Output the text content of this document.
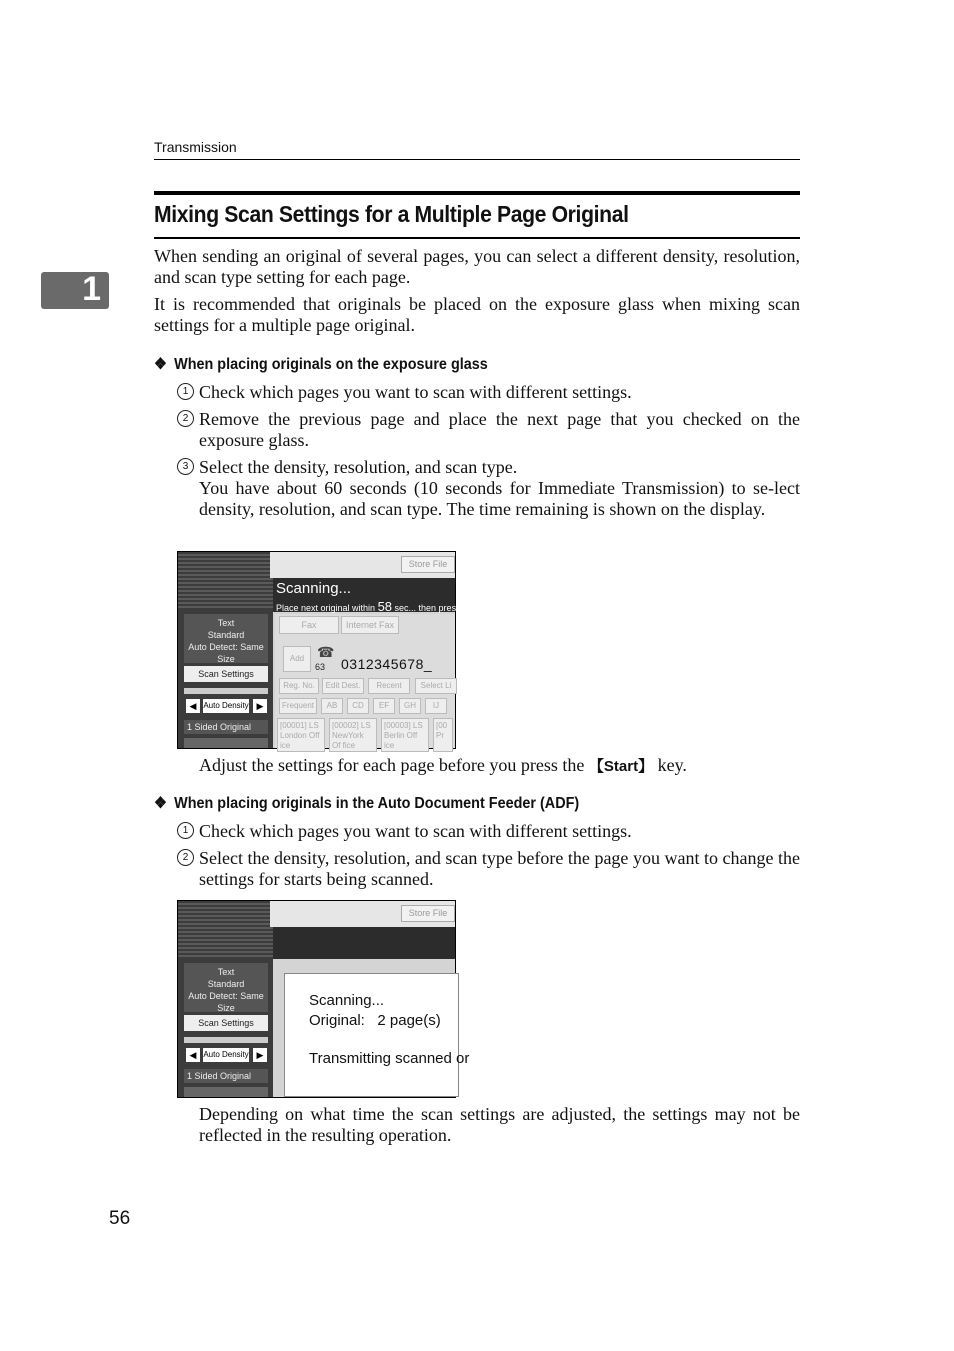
Transmission
Mixing Scan Settings for a Multiple Page Original
1
When sending an original of several pages, you can select a different density, resolution, and scan type setting for each page.
It is recommended that originals be placed on the exposure glass when mixing scan settings for a multiple page original.
❖ When placing originals on the exposure glass
1 Check which pages you want to scan with different settings.
2 Remove the previous page and place the next page that you checked on the exposure glass.
3 Select the density, resolution, and scan type.
You have about 60 seconds (10 seconds for Immediate Transmission) to se-lect density, resolution, and scan type. The time remaining is shown on the display.
Store File
Scanning...
Place next original within 58 sec... then press the St
Text
Standard
Auto Detect: Same Size
Scan Settings
◀ Auto Density ▶
1 Sided Original
Fax	Internet Fax
Add ☎
63 0312345678_
Reg. No.	Edit Dest.	Recent	Select Li
Frequent	AB	CD	EF	GH	IJ
[00001] LS London Off ice
[00002] LS NewYork Of fice
[00003] LS Berlin Off ice
[00 Pr
Adjust the settings for each page before you press the 【Start】 key.
❖ When placing originals in the Auto Document Feeder (ADF)
1 Check which pages you want to scan with different settings.
2 Select the density, resolution, and scan type before the page you want to change the settings for starts being scanned.
Store File
Text
Standard
Auto Detect: Same Size
Scan Settings
◀ Auto Density ▶
1 Sided Original
Scanning...
Original: 2 page(s)
Transmitting scanned or
Depending on what time the scan settings are adjusted, the settings may not be reflected in the resulting operation.
56
